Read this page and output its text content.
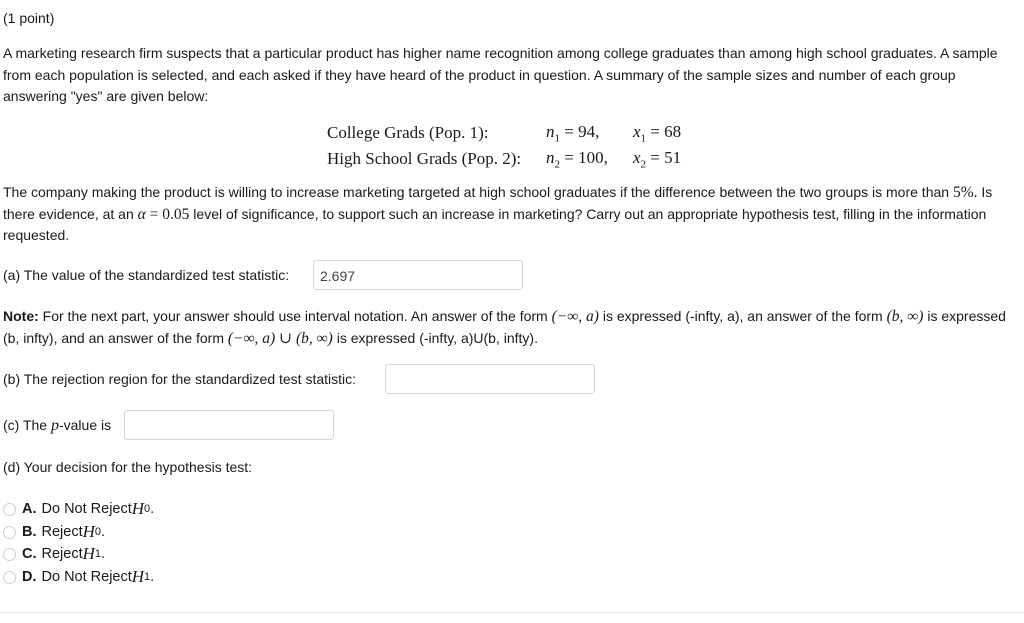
(1 point)
A marketing research firm suspects that a particular product has higher name recognition among college graduates than among high school graduates. A sample from each population is selected, and each asked if they have heard of the product in question. A summary of the sample sizes and number of each group answering "yes" are given below:
College Grads (Pop. 1):	$n_1 = 94$,	$x_1 = 68$
High School Grads (Pop. 2):	$n_2 = 100$,	$x_2 = 51$
The company making the product is willing to increase marketing targeted at high school graduates if the difference between the two groups is more than 5%. Is there evidence, at an α = 0.05 level of significance, to support such an increase in marketing? Carry out an appropriate hypothesis test, filling in the information requested.
(a) The value of the standardized test statistic:	2.697
Note: For the next part, your answer should use interval notation. An answer of the form (−∞, a) is expressed (-infty, a), an answer of the form (b, ∞) is expressed (b, infty), and an answer of the form (−∞, a) ∪ (b, ∞) is expressed (-infty, a)U(b, infty).
(b) The rejection region for the standardized test statistic:
(c) The p-value is
(d) Your decision for the hypothesis test:
A. Do Not Reject H 0 .
B. Reject H 0 .
C. Reject H 1 .
D. Do Not Reject H 1 .
